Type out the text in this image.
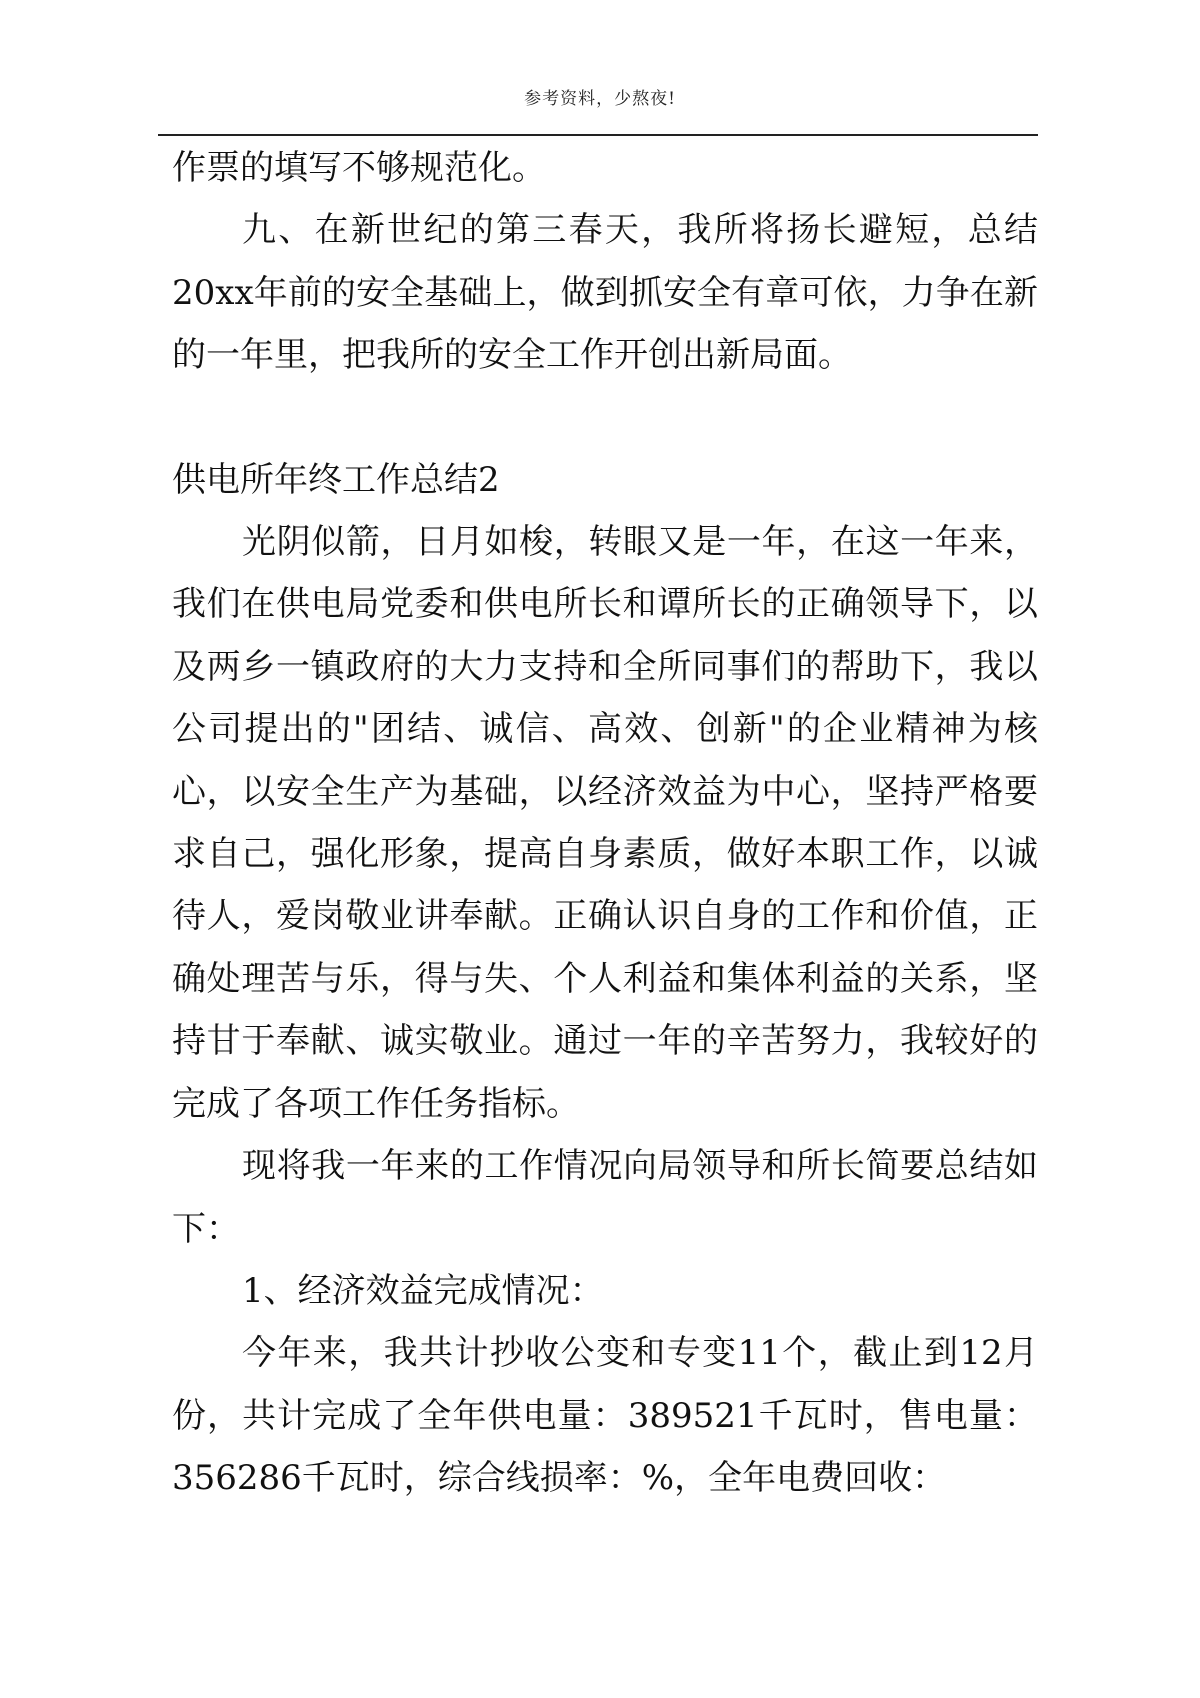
参考资料，少熬夜!

作票的填写不够规范化。

九、在新世纪的第三春天，我所将扬长避短，总结20xx年前的安全基础上，做到抓安全有章可依，力争在新的一年里，把我所的安全工作开创出新局面。

供电所年终工作总结2

光阴似箭，日月如梭，转眼又是一年，在这一年来，我们在供电局党委和供电所长和谭所长的正确领导下，以及两乡一镇政府的大力支持和全所同事们的帮助下，我以公司提出的"团结、诚信、高效、创新"的企业精神为核心，以安全生产为基础，以经济效益为中心，坚持严格要求自己，强化形象，提高自身素质，做好本职工作，以诚待人，爱岗敬业讲奉献。正确认识自身的工作和价值，正确处理苦与乐，得与失、个人利益和集体利益的关系，坚持甘于奉献、诚实敬业。通过一年的辛苦努力，我较好的完成了各项工作任务指标。

现将我一年来的工作情况向局领导和所长简要总结如下：

1、经济效益完成情况：

今年来，我共计抄收公变和专变11个，截止到12月份，共计完成了全年供电量：389521千瓦时，售电量：356286千瓦时，综合线损率：%，全年电费回收：
